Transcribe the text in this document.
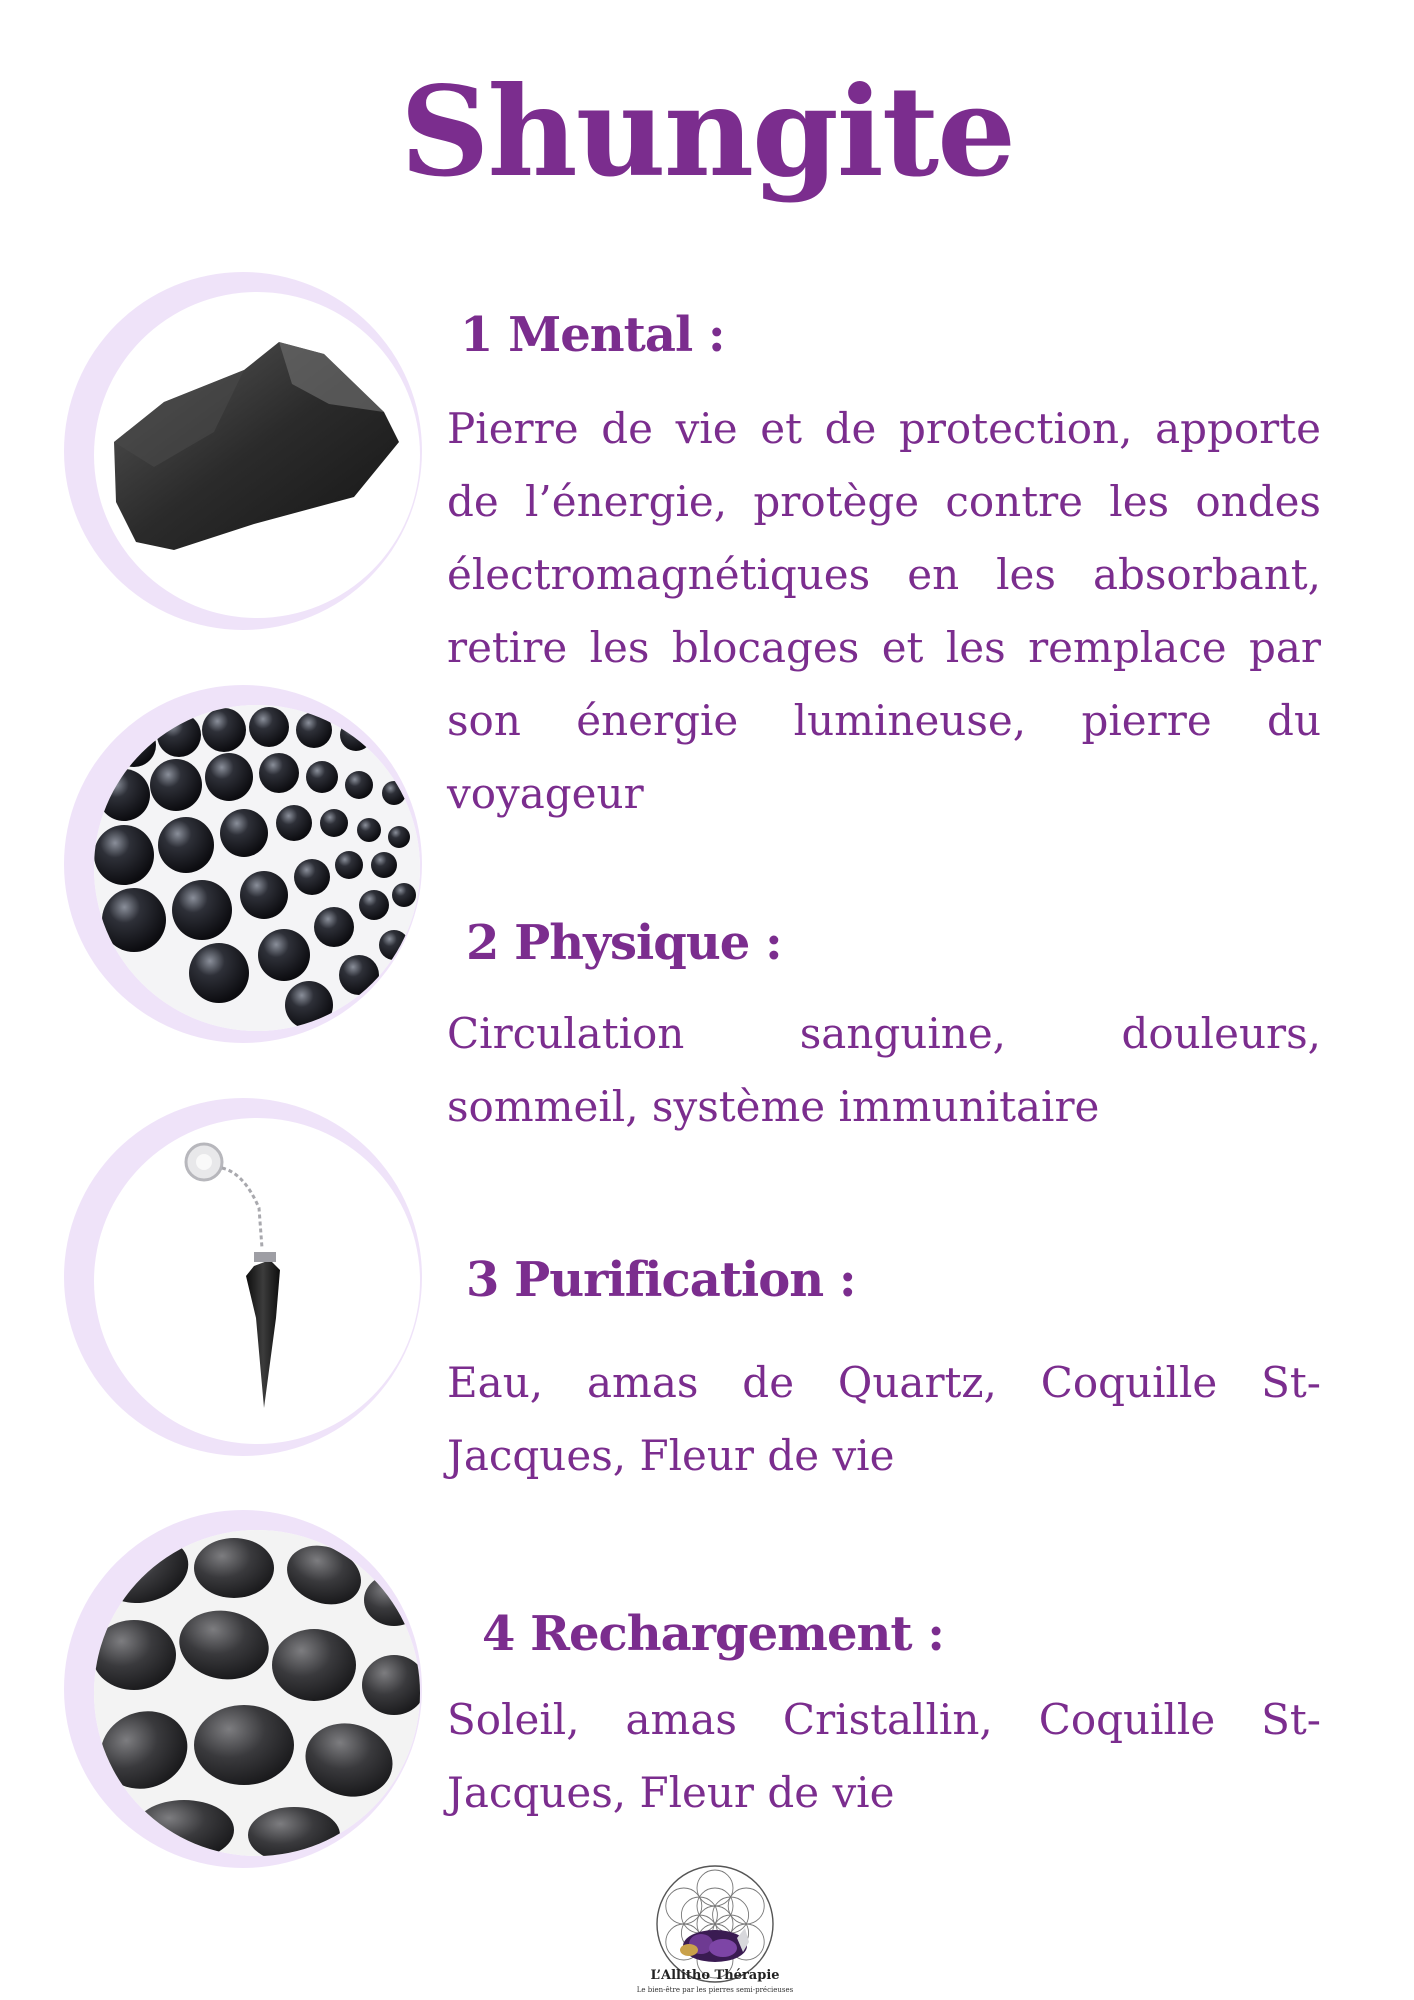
Shungite
1 Mental :

Pierre de vie et de protection, apporte de l’énergie, protège contre les ondes électromagnétiques en les absorbant, retire les blocages et les remplace par son énergie lumineuse, pierre du voyageur

2 Physique :

Circulation sanguine, douleurs, sommeil, système immunitaire

3 Purification :

Eau, amas de Quartz, Coquille St-Jacques, Fleur de vie

4 Rechargement :

Soleil, amas Cristallin, Coquille St-Jacques, Fleur de vie

L’Allitho Thérapie
Le bien-être par les pierres semi-précieuses
